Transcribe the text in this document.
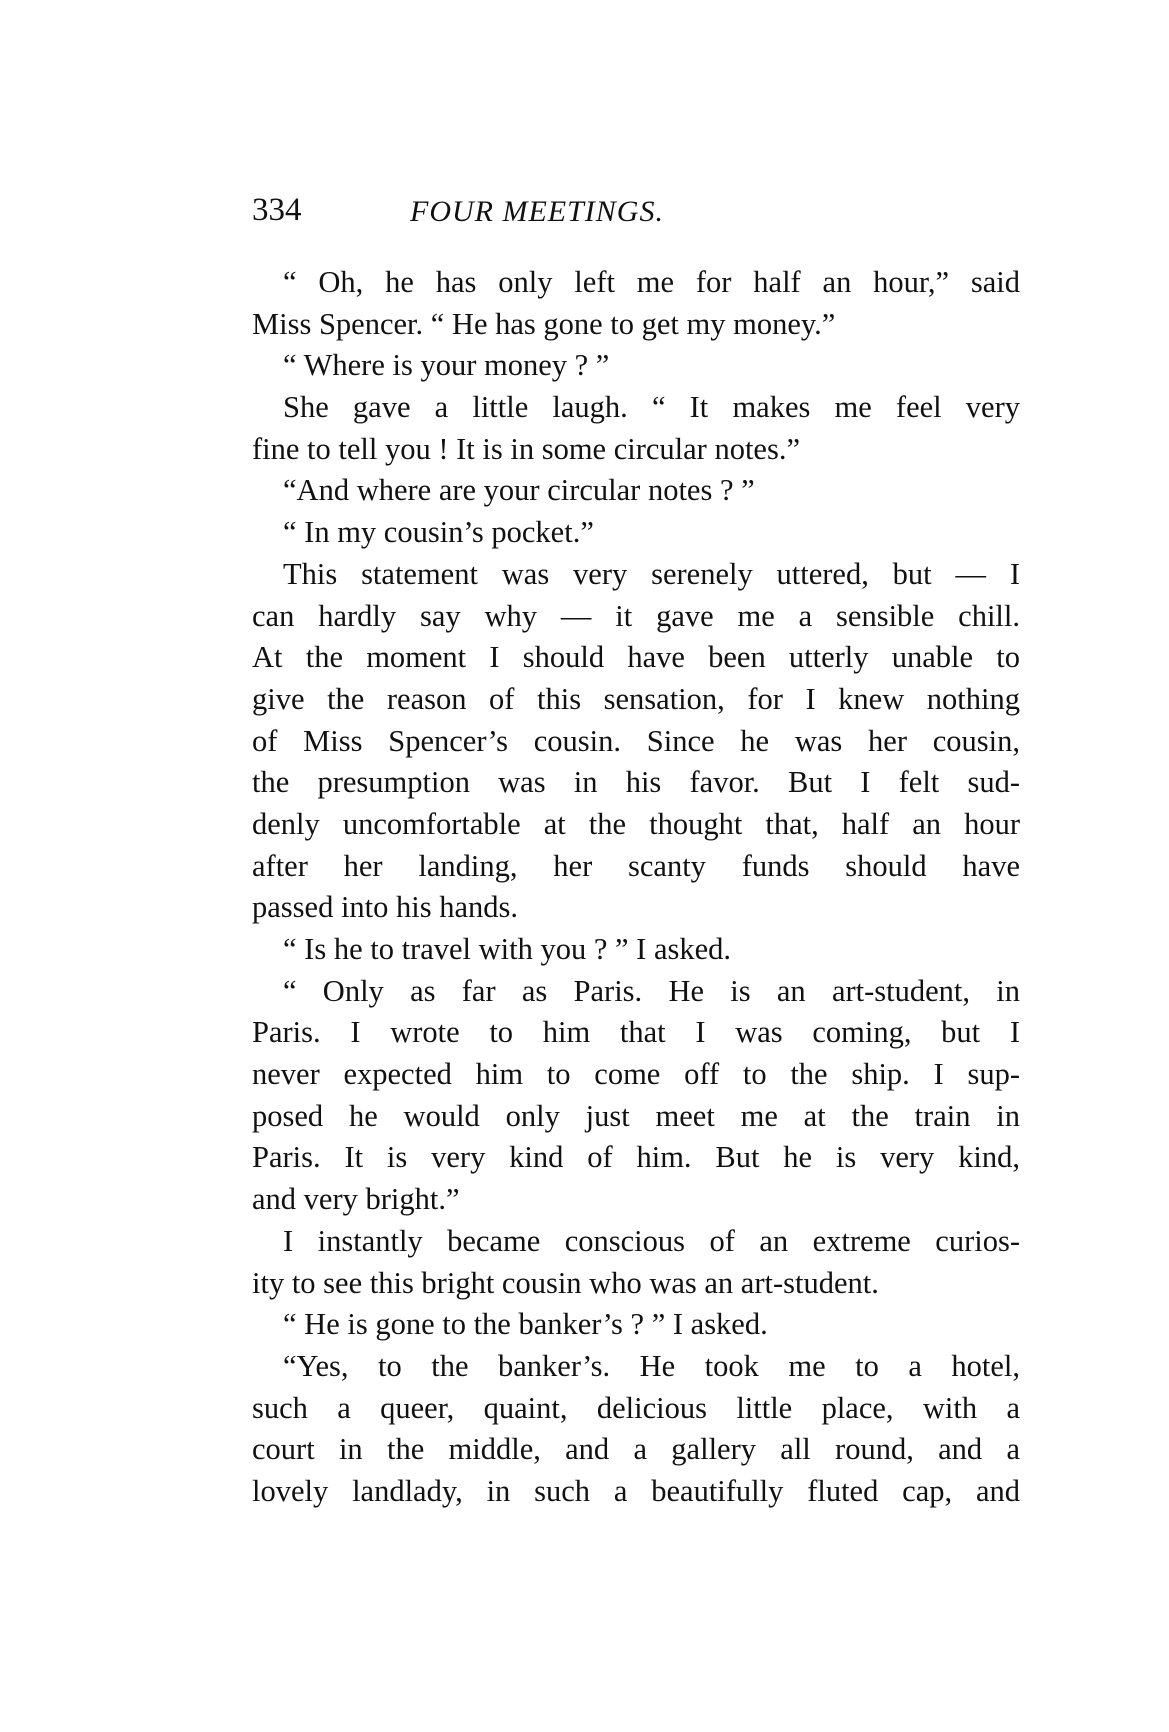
334	FOUR MEETINGS.
“ Oh, he has only left me for half an hour,” said
Miss Spencer. “ He has gone to get my money.”
“ Where is your money ? ”
She gave a little laugh. “ It makes me feel very
fine to tell you ! It is in some circular notes.”
“And where are your circular notes ? ”
“ In my cousin’s pocket.”
This statement was very serenely uttered, but — I
can hardly say why — it gave me a sensible chill.
At the moment I should have been utterly unable to
give the reason of this sensation, for I knew nothing
of Miss Spencer’s cousin. Since he was her cousin,
the presumption was in his favor. But I felt sud-
denly uncomfortable at the thought that, half an hour
after her landing, her scanty funds should have
passed into his hands.
“ Is he to travel with you ? ” I asked.
“ Only as far as Paris. He is an art-student, in
Paris. I wrote to him that I was coming, but I
never expected him to come off to the ship. I sup-
posed he would only just meet me at the train in
Paris. It is very kind of him. But he is very kind,
and very bright.”
I instantly became conscious of an extreme curios-
ity to see this bright cousin who was an art-student.
“ He is gone to the banker’s ? ” I asked.
“Yes, to the banker’s. He took me to a hotel,
such a queer, quaint, delicious little place, with a
court in the middle, and a gallery all round, and a
lovely landlady, in such a beautifully fluted cap, and
